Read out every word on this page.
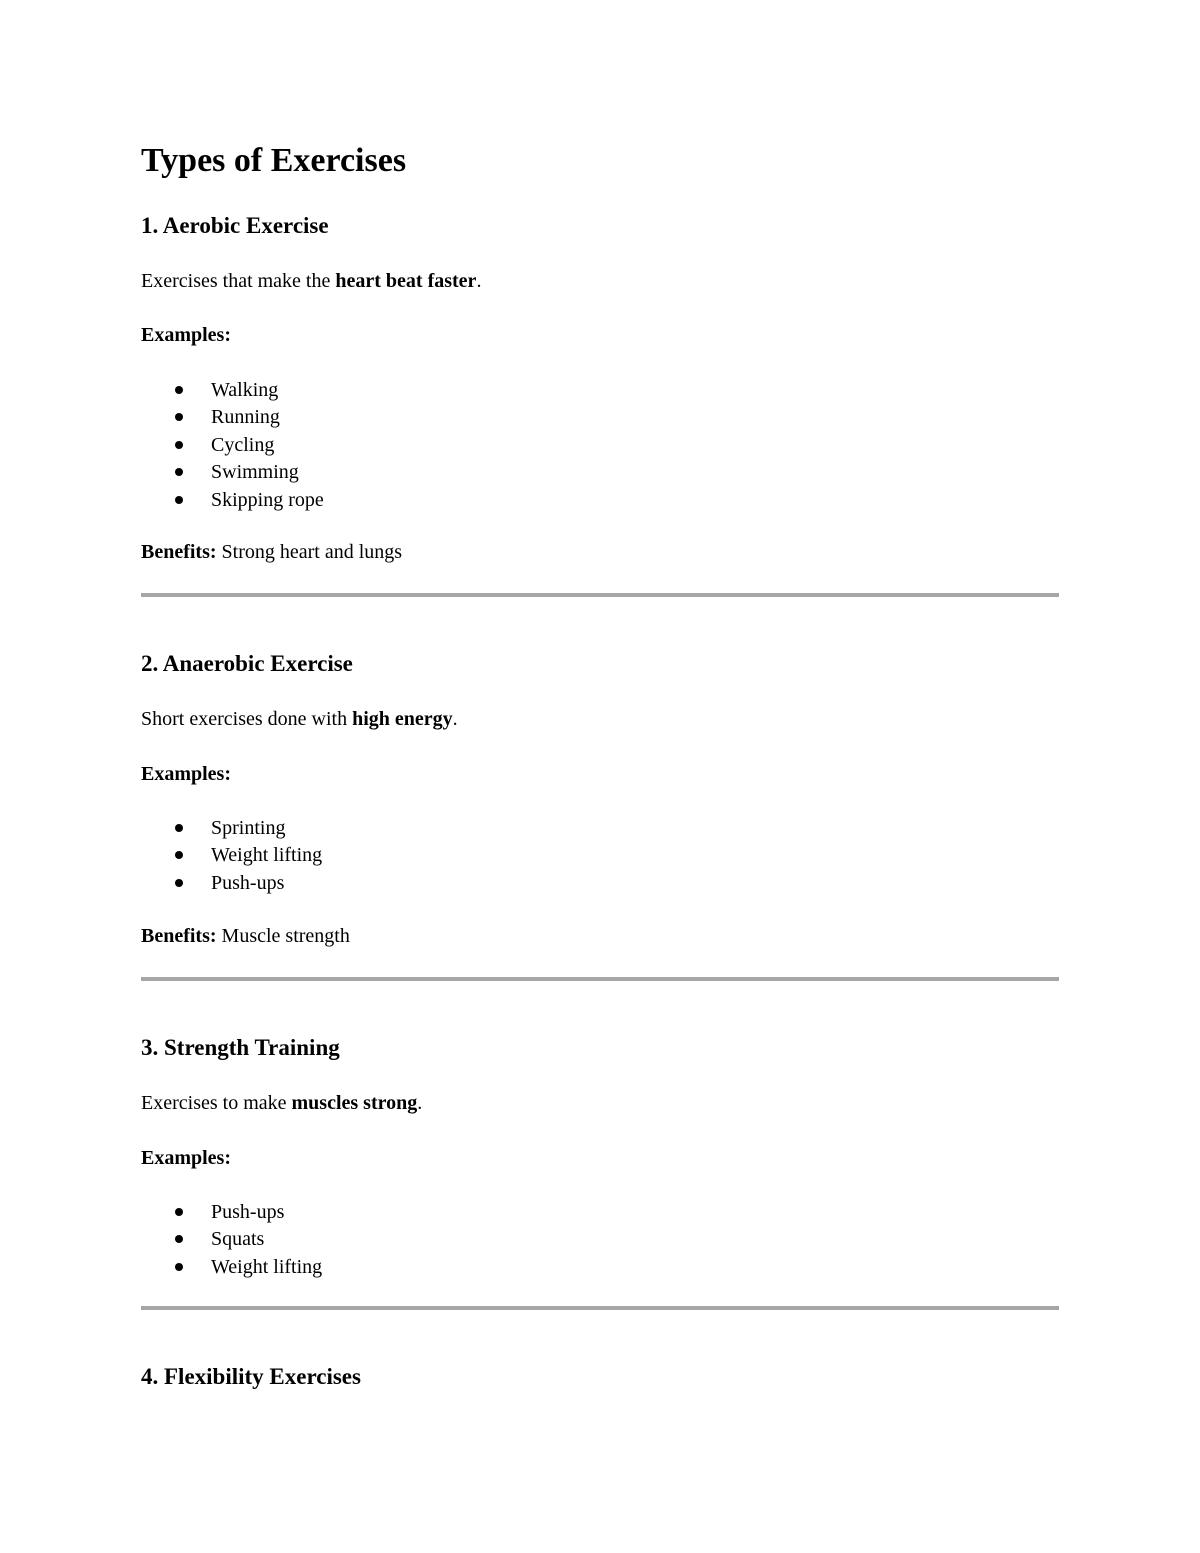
Types of Exercises
1. Aerobic Exercise

Exercises that make the heart beat faster.

Examples:

Walking
Running
Cycling
Swimming
Skipping rope

Benefits: Strong heart and lungs

2. Anaerobic Exercise

Short exercises done with high energy.

Examples:

Sprinting
Weight lifting
Push-ups

Benefits: Muscle strength

3. Strength Training

Exercises to make muscles strong.

Examples:

Push-ups
Squats
Weight lifting
4. Flexibility Exercises
